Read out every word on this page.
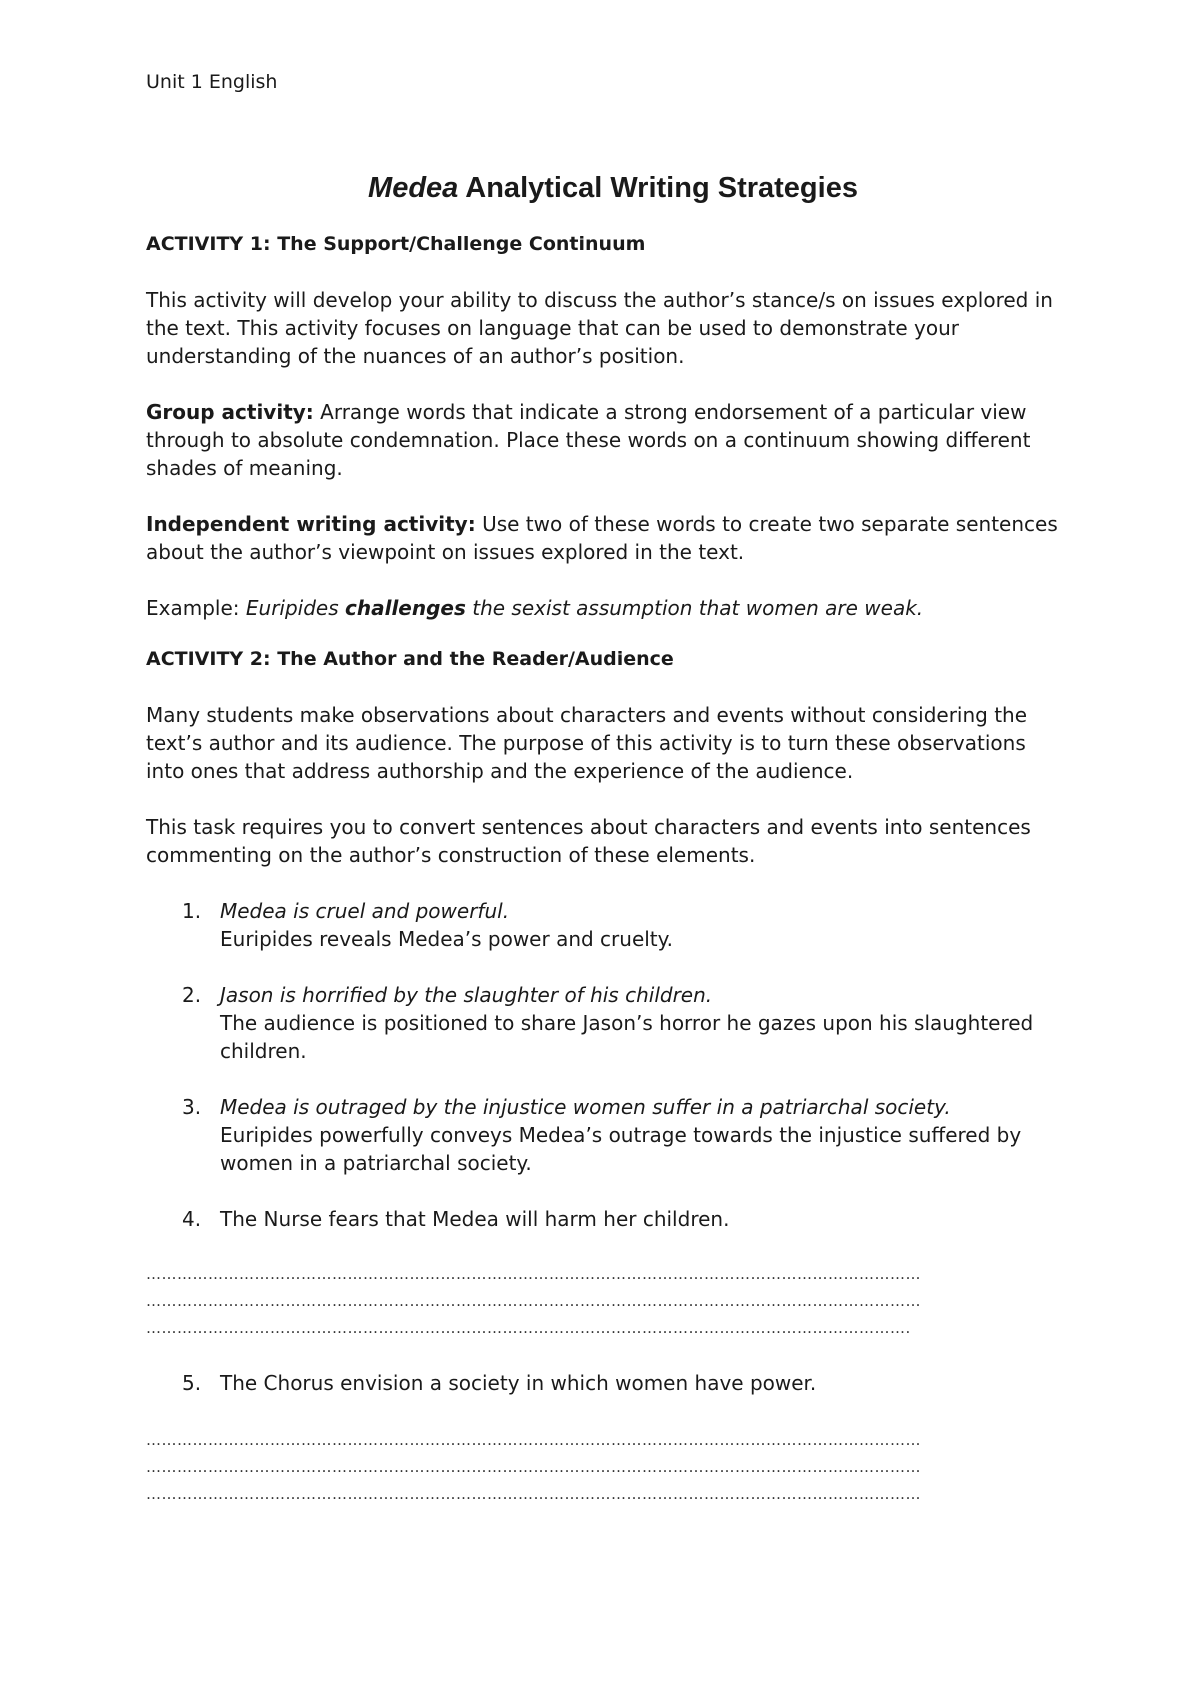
Unit 1 English

Medea Analytical Writing Strategies
ACTIVITY 1: The Support/Challenge Continuum

This activity will develop your ability to discuss the author’s stance/s on issues explored in the text. This activity focuses on language that can be used to demonstrate your understanding of the nuances of an author’s position.

Group activity: Arrange words that indicate a strong endorsement of a particular view through to absolute condemnation. Place these words on a continuum showing different shades of meaning.

Independent writing activity: Use two of these words to create two separate sentences about the author’s viewpoint on issues explored in the text.

Example: Euripides challenges the sexist assumption that women are weak.

ACTIVITY 2: The Author and the Reader/Audience

Many students make observations about characters and events without considering the text’s author and its audience. The purpose of this activity is to turn these observations into ones that address authorship and the experience of the audience.

This task requires you to convert sentences about characters and events into sentences commenting on the author’s construction of these elements.

1. Medea is cruel and powerful.
Euripides reveals Medea’s power and cruelty.
2. Jason is horrified by the slaughter of his children.
The audience is positioned to share Jason’s horror he gazes upon his slaughtered children.
3. Medea is outraged by the injustice women suffer in a patriarchal society.
Euripides powerfully conveys Medea’s outrage towards the injustice suffered by women in a patriarchal society.
4. The Nurse fears that Medea will harm her children.
……………………………………………………………………………………………………………………………………
……………………………………………………………………………………………………………………………………
………………………………………………………………………………………………………………………………….
5. The Chorus envision a society in which women have power.
……………………………………………………………………………………………………………………………………
……………………………………………………………………………………………………………………………………
……………………………………………………………………………………………………………………………………
